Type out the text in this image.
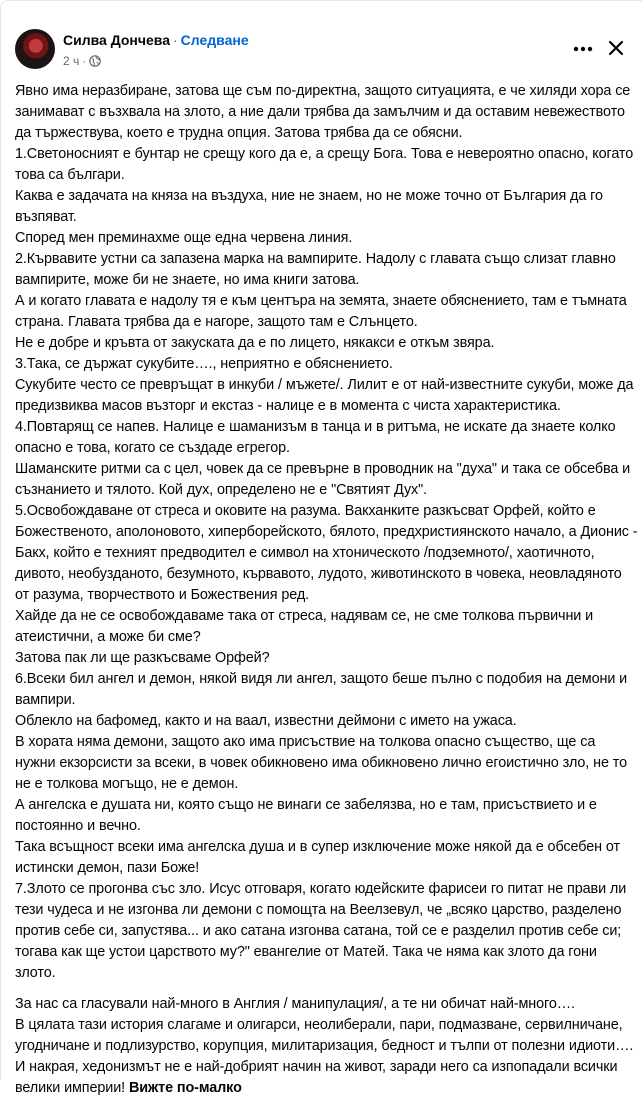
Силва Дончева · Следване
2 ч ·

Явно има неразбиране, затова ще съм по-директна, защото ситуацията, е че хиляди хора се занимават с възхвала на злото, а ние дали трябва да замълчим и да оставим невежеството да тържествува, което е трудна опция. Затова трябва да се обясни.
1.Светоносният е бунтар не срещу кого да е, а срещу Бога. Това е невероятно опасно, когато това са българи.
Каква е задачата на княза на въздуха, ние не знаем, но не може точно от България да го възпяват.
Според мен преминахме още една червена линия.
2.Кървавите устни са запазена марка на вампирите. Надолу с главата също слизат главно вампирите, може би не знаете, но има книги затова.
А и когато главата е надолу тя е към центъра на земята, знаете обяснението, там е тъмната страна. Главата трябва да е нагоре, защото там е Слънцето.
Не е добре и кръвта от закуската да е по лицето, някакси е откъм звяра.
3.Така, се държат сукубите…., неприятно е обяснението.
Сукубите често се превръщат в инкуби / мъжете/. Лилит е от най-известните сукуби, може да предизвиква масов възторг и екстаз - налице е в момента с чиста характеристика.
4.Повтарящ се напев. Налице е шаманизъм в танца и в ритъма, не искате да знаете колко опасно е това, когато се създаде егрегор.
Шаманските ритми са с цел, човек да се превърне в проводник на "духа" и така се обсебва и съзнанието и тялото. Кой дух, определено не е "Святият Дух".
5.Освобождаване от стреса и оковите на разума. Вакханките разкъсват Орфей, който е Божественото, аполоновото, хиперборейското, бялото, предхристиянското начало, а Дионис - Бакх, който е техният предводител е символ на хтоническото /подземното/, хаотичното, дивото, необузданото, безумното, кървавото, лудото, животинското в човека, неовладяното от разума, творчеството и Божествения ред.
Хайде да не се освобождаваме така от стреса, надявам се, не сме толкова първични и атеистични, а може би сме?
Затова пак ли ще разкъсваме Орфей?
6.Всеки бил ангел и демон, някой видя ли ангел, защото беше пълно с подобия на демони и вампири.
Облекло на бафомед, както и на ваал, известни деймони с името на ужаса.
В хората няма демони, защото ако има присъствие на толкова опасно същество, ще са нужни екзорсисти за всеки, в човек обикновено има обикновено лично егоистично зло, не то не е толкова могъщо, не е демон.
А ангелска е душата ни, която също не винаги се забелязва, но е там, присъствието и е постоянно и вечно.
Така всъщност всеки има ангелска душа и в супер изключение може някой да е обсебен от истински демон, пази Боже!
7.Злото се прогонва със зло. Исус отговаря, когато юдейските фарисеи го питат не прави ли тези чудеса и не изгонва ли демони с помощта на Веелзевул, че „всяко царство, разделено против себе си, запустява... и ако сатана изгонва сатана, той се е разделил против себе си; тогава как ще устои царството му?" евангелие от Матей. Така че няма как злото да гони злото.

За нас са гласували най-много в Англия / манипулация/, а те ни обичат най-много….
В цялата тази история слагаме и олигарси, неолиберали, пари, подмазване, сервилничане, угодничане и подлизурство, корупция, милитаризация, бедност и тълпи от полезни идиоти….
И накрая, хедонизмът не е най-добрият начин на живот, заради него са изпопадали всички велики империи! Вижте по-малко
